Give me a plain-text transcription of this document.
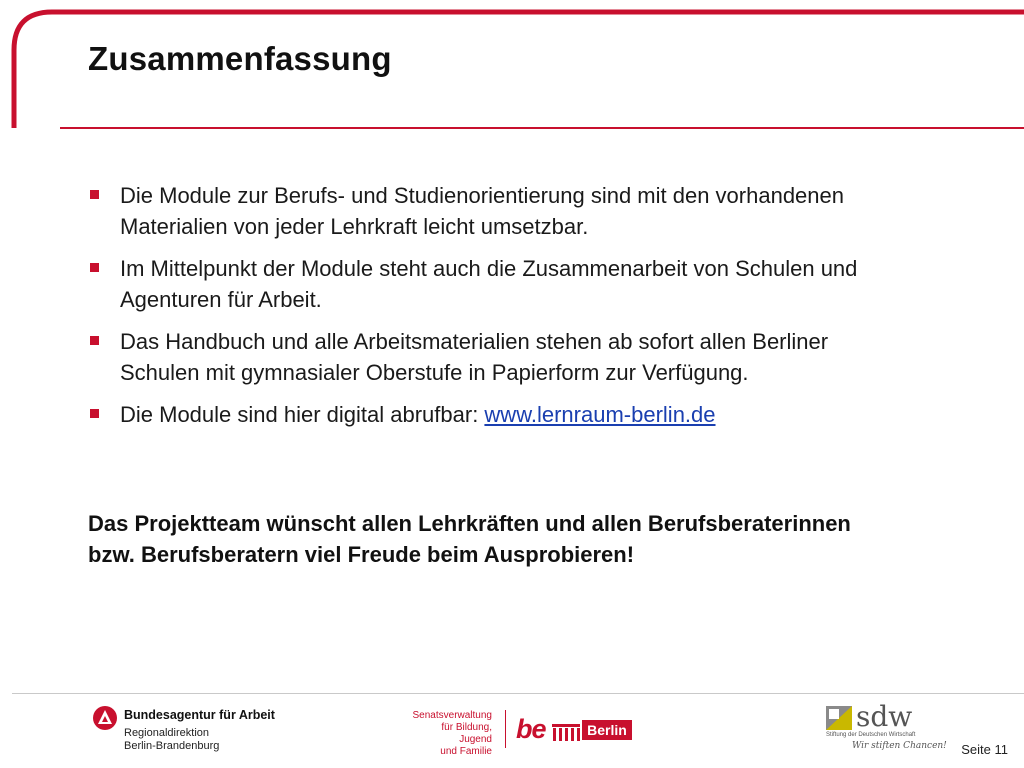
Zusammenfassung
Die Module zur Berufs- und Studienorientierung sind mit den vorhandenen Materialien von jeder Lehrkraft leicht umsetzbar.
Im Mittelpunkt der Module steht auch die Zusammenarbeit von Schulen und Agenturen für Arbeit.
Das Handbuch und alle Arbeitsmaterialien stehen ab sofort allen Berliner Schulen mit gymnasialer Oberstufe in Papierform zur Verfügung.
Die Module sind hier digital abrufbar: www.lernraum-berlin.de
Das Projektteam wünscht allen Lehrkräften und allen Berufsberaterinnen bzw. Berufsberatern viel Freude beim Ausprobieren!
Bundesagentur für Arbeit
Regionaldirektion
Berlin-Brandenburg
Senatsverwaltung
für Bildung, Jugend
und Familie
be	Berlin	sdw
Stiftung der Deutschen Wirtschaft
Wir stiften Chancen! Seite 11
